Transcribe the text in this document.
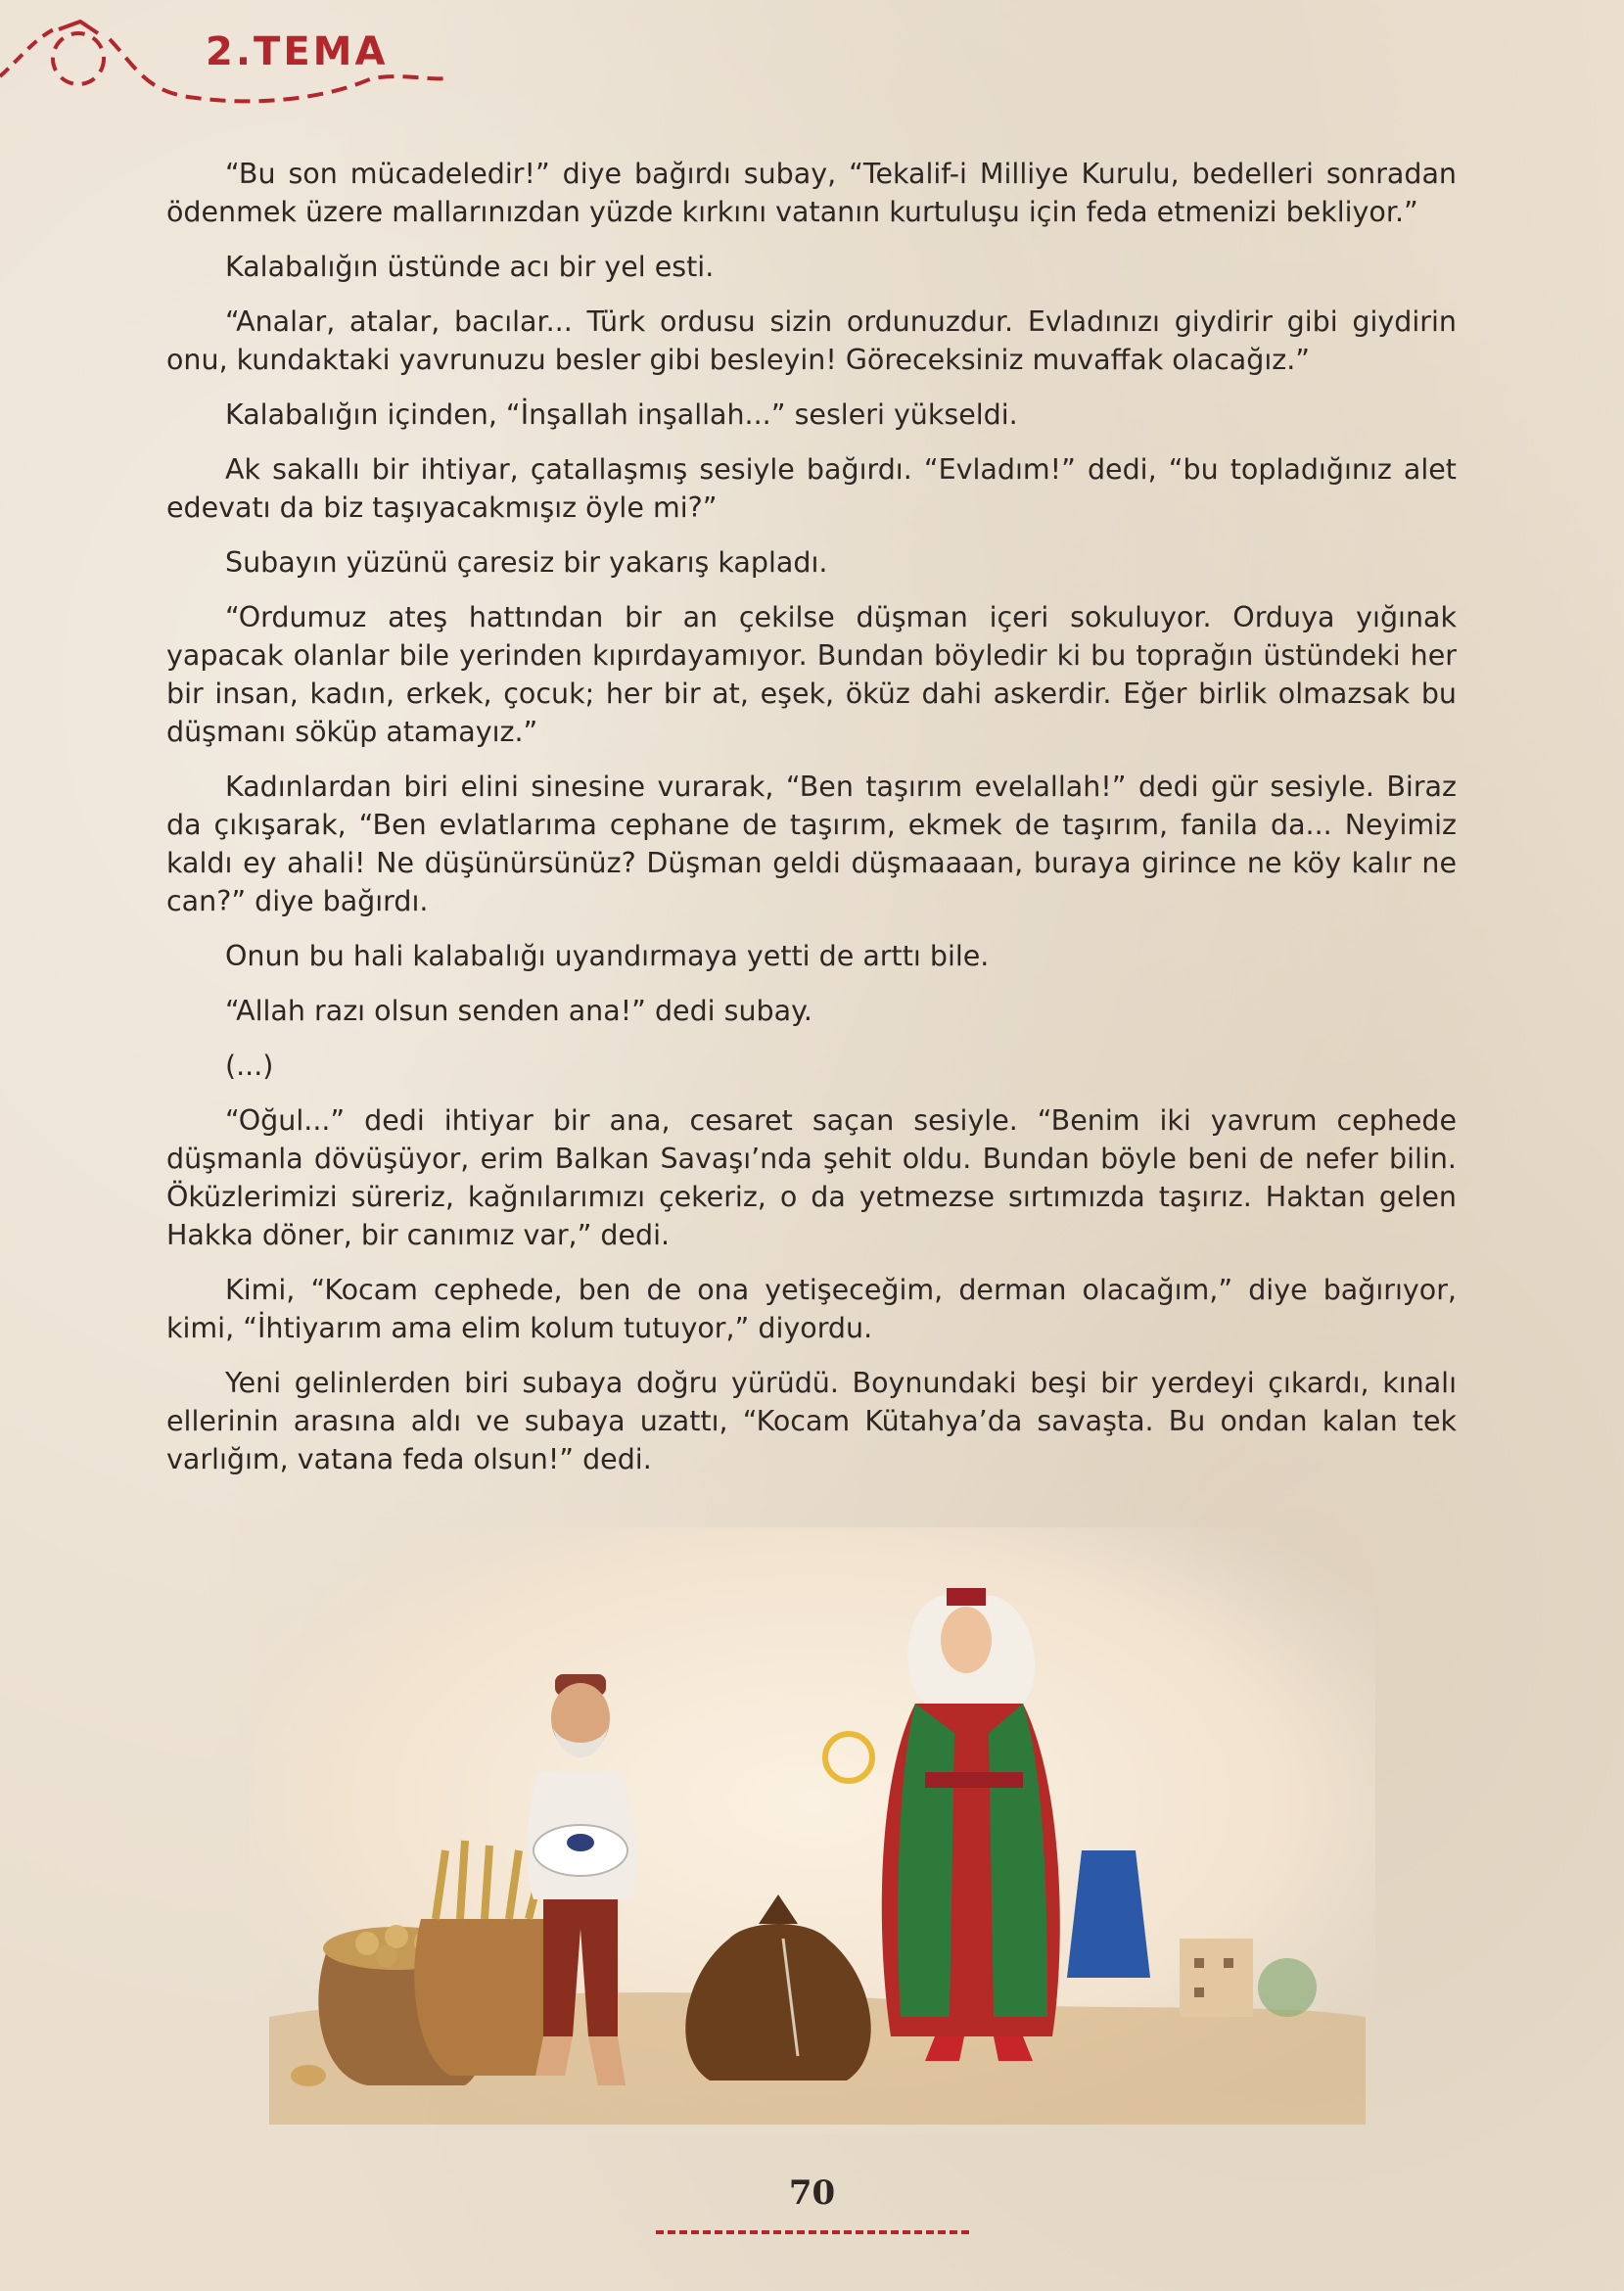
2.TEMA

“Bu son mücadeledir!” diye bağırdı subay, “Tekalif-i Milliye Kurulu, bedelleri sonradan ödenmek üzere mallarınızdan yüzde kırkını vatanın kurtuluşu için feda etmenizi bekliyor.”

Kalabalığın üstünde acı bir yel esti.

“Analar, atalar, bacılar... Türk ordusu sizin ordunuzdur. Evladınızı giydirir gibi giydirin onu, kundaktaki yavrunuzu besler gibi besleyin! Göreceksiniz muvaffak olacağız.”

Kalabalığın içinden, “İnşallah inşallah...” sesleri yükseldi.

Ak sakallı bir ihtiyar, çatallaşmış sesiyle bağırdı. “Evladım!” dedi, “bu topladığınız alet edevatı da biz taşıyacakmışız öyle mi?”

Subayın yüzünü çaresiz bir yakarış kapladı.

“Ordumuz ateş hattından bir an çekilse düşman içeri sokuluyor. Orduya yığınak yapacak olanlar bile yerinden kıpırdayamıyor. Bundan böyledir ki bu toprağın üstündeki her bir insan, kadın, erkek, çocuk; her bir at, eşek, öküz dahi askerdir. Eğer birlik olmazsak bu düşmanı söküp atamayız.”

Kadınlardan biri elini sinesine vurarak, “Ben taşırım evelallah!” dedi gür sesiyle. Biraz da çıkışarak, “Ben evlatlarıma cephane de taşırım, ekmek de taşırım, fanila da... Neyimiz kaldı ey ahali! Ne düşünürsünüz? Düşman geldi düşmaaaan, buraya girince ne köy kalır ne can?” diye bağırdı.

Onun bu hali kalabalığı uyandırmaya yetti de arttı bile.

“Allah razı olsun senden ana!” dedi subay.

(...)

“Oğul...” dedi ihtiyar bir ana, cesaret saçan sesiyle. “Benim iki yavrum cephede düşmanla dövüşüyor, erim Balkan Savaşı’nda şehit oldu. Bundan böyle beni de nefer bilin. Öküzlerimizi süreriz, kağnılarımızı çekeriz, o da yetmezse sırtımızda taşırız. Haktan gelen Hakka döner, bir canımız var,” dedi.

Kimi, “Kocam cephede, ben de ona yetişeceğim, derman olacağım,” diye bağırıyor, kimi, “İhtiyarım ama elim kolum tutuyor,” diyordu.

Yeni gelinlerden biri subaya doğru yürüdü. Boynundaki beşi bir yerdeyi çıkardı, kınalı ellerinin arasına aldı ve subaya uzattı, “Kocam Kütahya’da savaşta. Bu ondan kalan tek varlığım, vatana feda olsun!” dedi.

70
